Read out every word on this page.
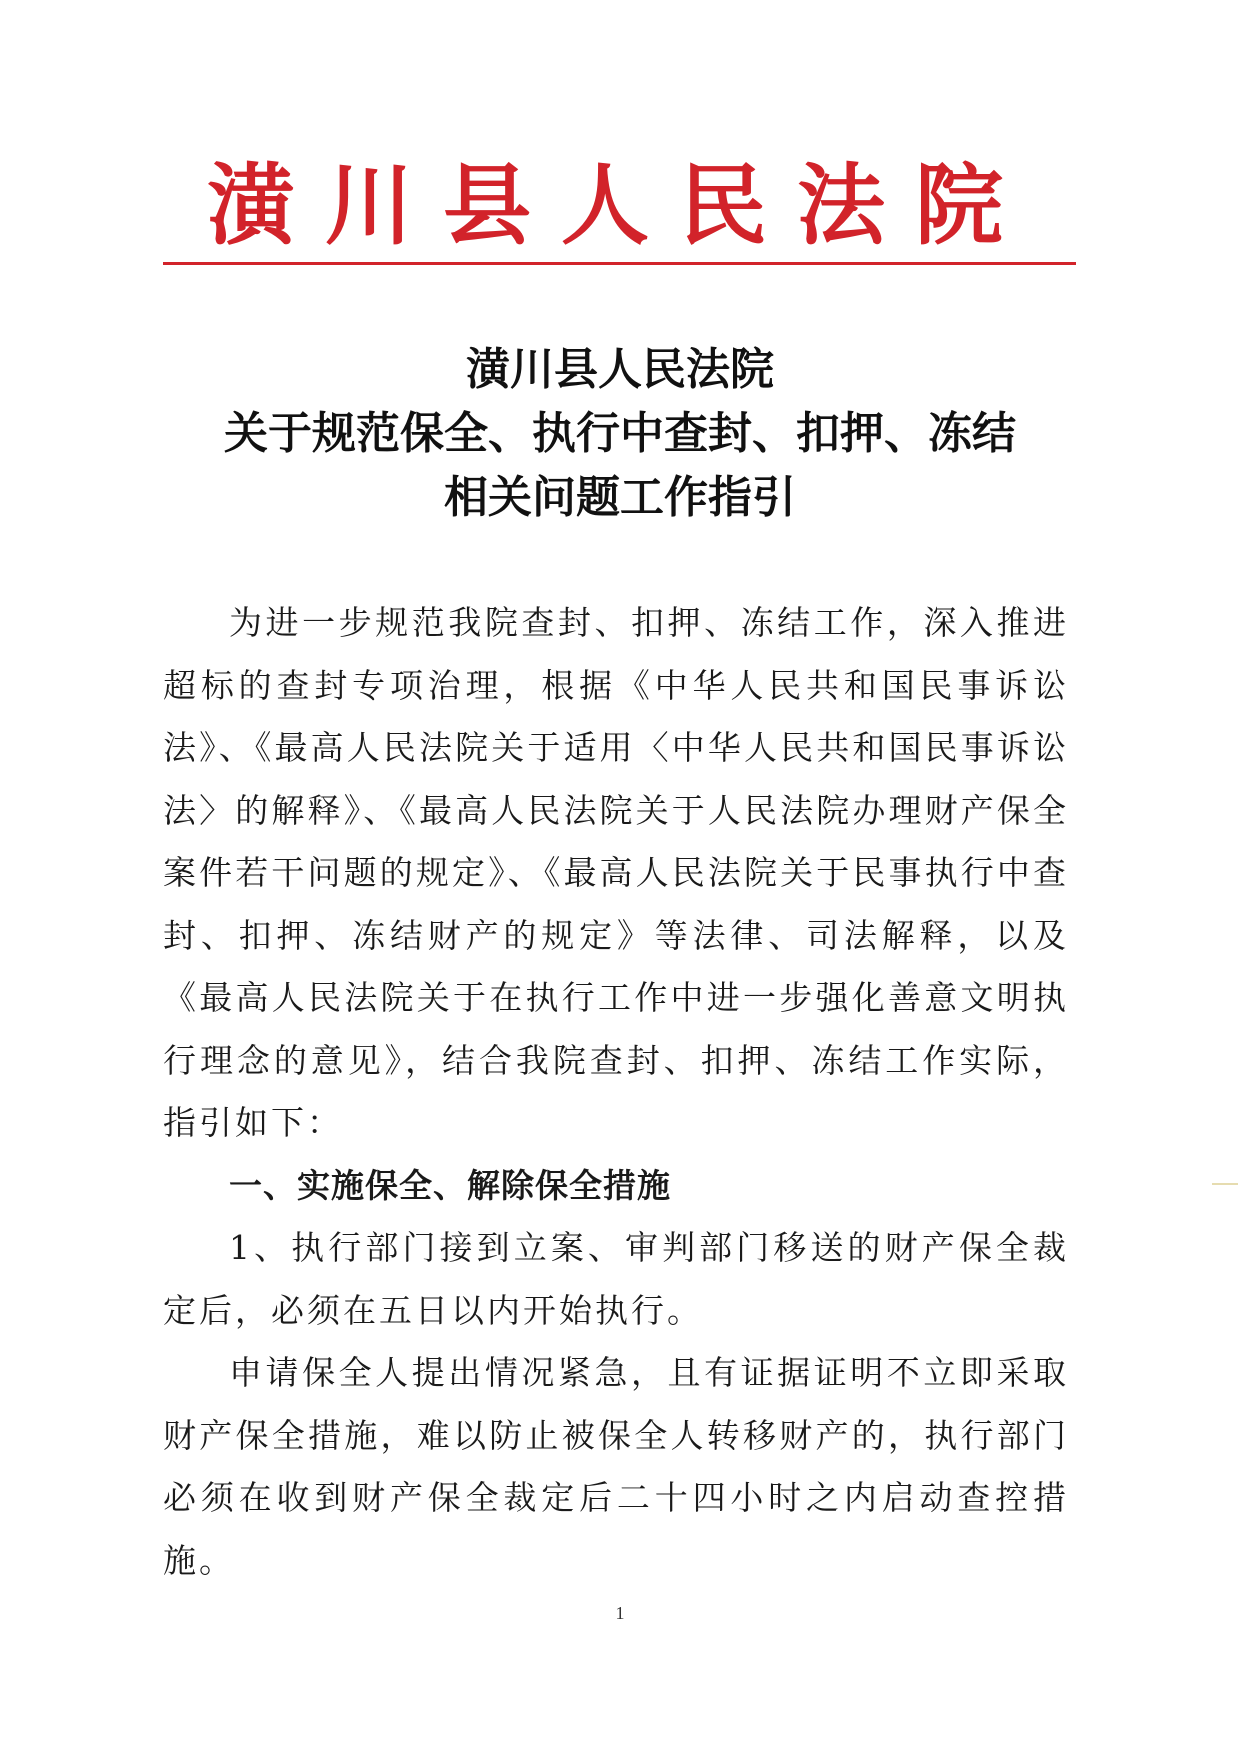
潢川县人民法院
潢川县人民法院
关于规范保全、执行中查封、扣押、冻结
相关问题工作指引

为进一步规范我院查封、扣押、冻结工作，深入推进超标的查封专项治理，根据《中华人民共和国民事诉讼法》、《最高人民法院关于适用〈中华人民共和国民事诉讼法〉的解释》、《最高人民法院关于人民法院办理财产保全案件若干问题的规定》、《最高人民法院关于民事执行中查封、扣押、冻结财产的规定》等法律、司法解释，以及《最高人民法院关于在执行工作中进一步强化善意文明执行理念的意见》，结合我院查封、扣押、冻结工作实际，指引如下：

一、实施保全、解除保全措施

1、执行部门接到立案、审判部门移送的财产保全裁定后，必须在五日以内开始执行。

申请保全人提出情况紧急，且有证据证明不立即采取财产保全措施，难以防止被保全人转移财产的，执行部门必须在收到财产保全裁定后二十四小时之内启动查控措施。

1
